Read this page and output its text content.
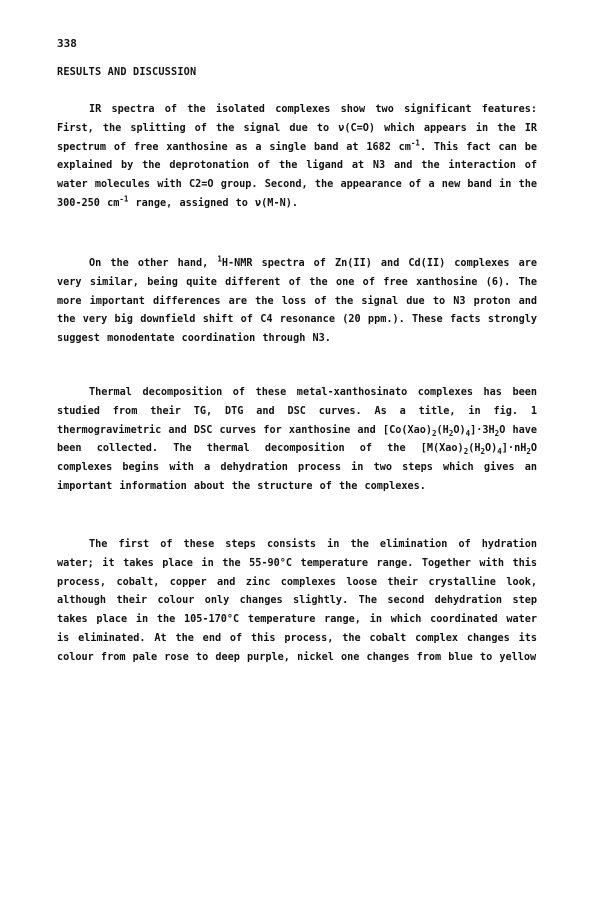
338
RESULTS AND DISCUSSION

IR spectra of the isolated complexes show two significant features: First, the splitting of the signal due to ν(C=O) which appears in the IR spectrum of free xanthosine as a single band at 1682 $cm^{-1}$. This fact can be explained by the deprotonation of the ligand at N3 and the interaction of water molecules with C2=O group. Second, the appearance of a new band in the 300-250 $cm^{-1}$ range, assigned to ν(M-N).

On the other hand, $^1$H-NMR spectra of Zn(II) and Cd(II) complexes are very similar, being quite different of the one of free xanthosine (6). The more important differences are the loss of the signal due to N3 proton and the very big downfield shift of C4 resonance (20 ppm.). These facts strongly suggest monodentate coordination through N3.

Thermal decomposition of these metal-xanthosinato complexes has been studied from their TG, DTG and DSC curves. As a title, in fig. 1 thermogravimetric and DSC curves for xanthosine and $[Co(Xao)_2(H_2O)_4]\cdot 3H_2O$ have been collected. The thermal decomposition of the $[M(Xao)_2(H_2O)_4]\cdot nH_2O$ complexes begins with a dehydration process in two steps which gives an important information about the structure of the complexes.

The first of these steps consists in the elimination of hydration water; it takes place in the 55-90°C temperature range. Together with this process, cobalt, copper and zinc complexes loose their crystalline look, although their colour only changes slightly. The second dehydration step takes place in the 105-170°C temperature range, in which coordinated water is eliminated. At the end of this process, the cobalt complex changes its colour from pale rose to deep purple, nickel one changes from blue to yellow
